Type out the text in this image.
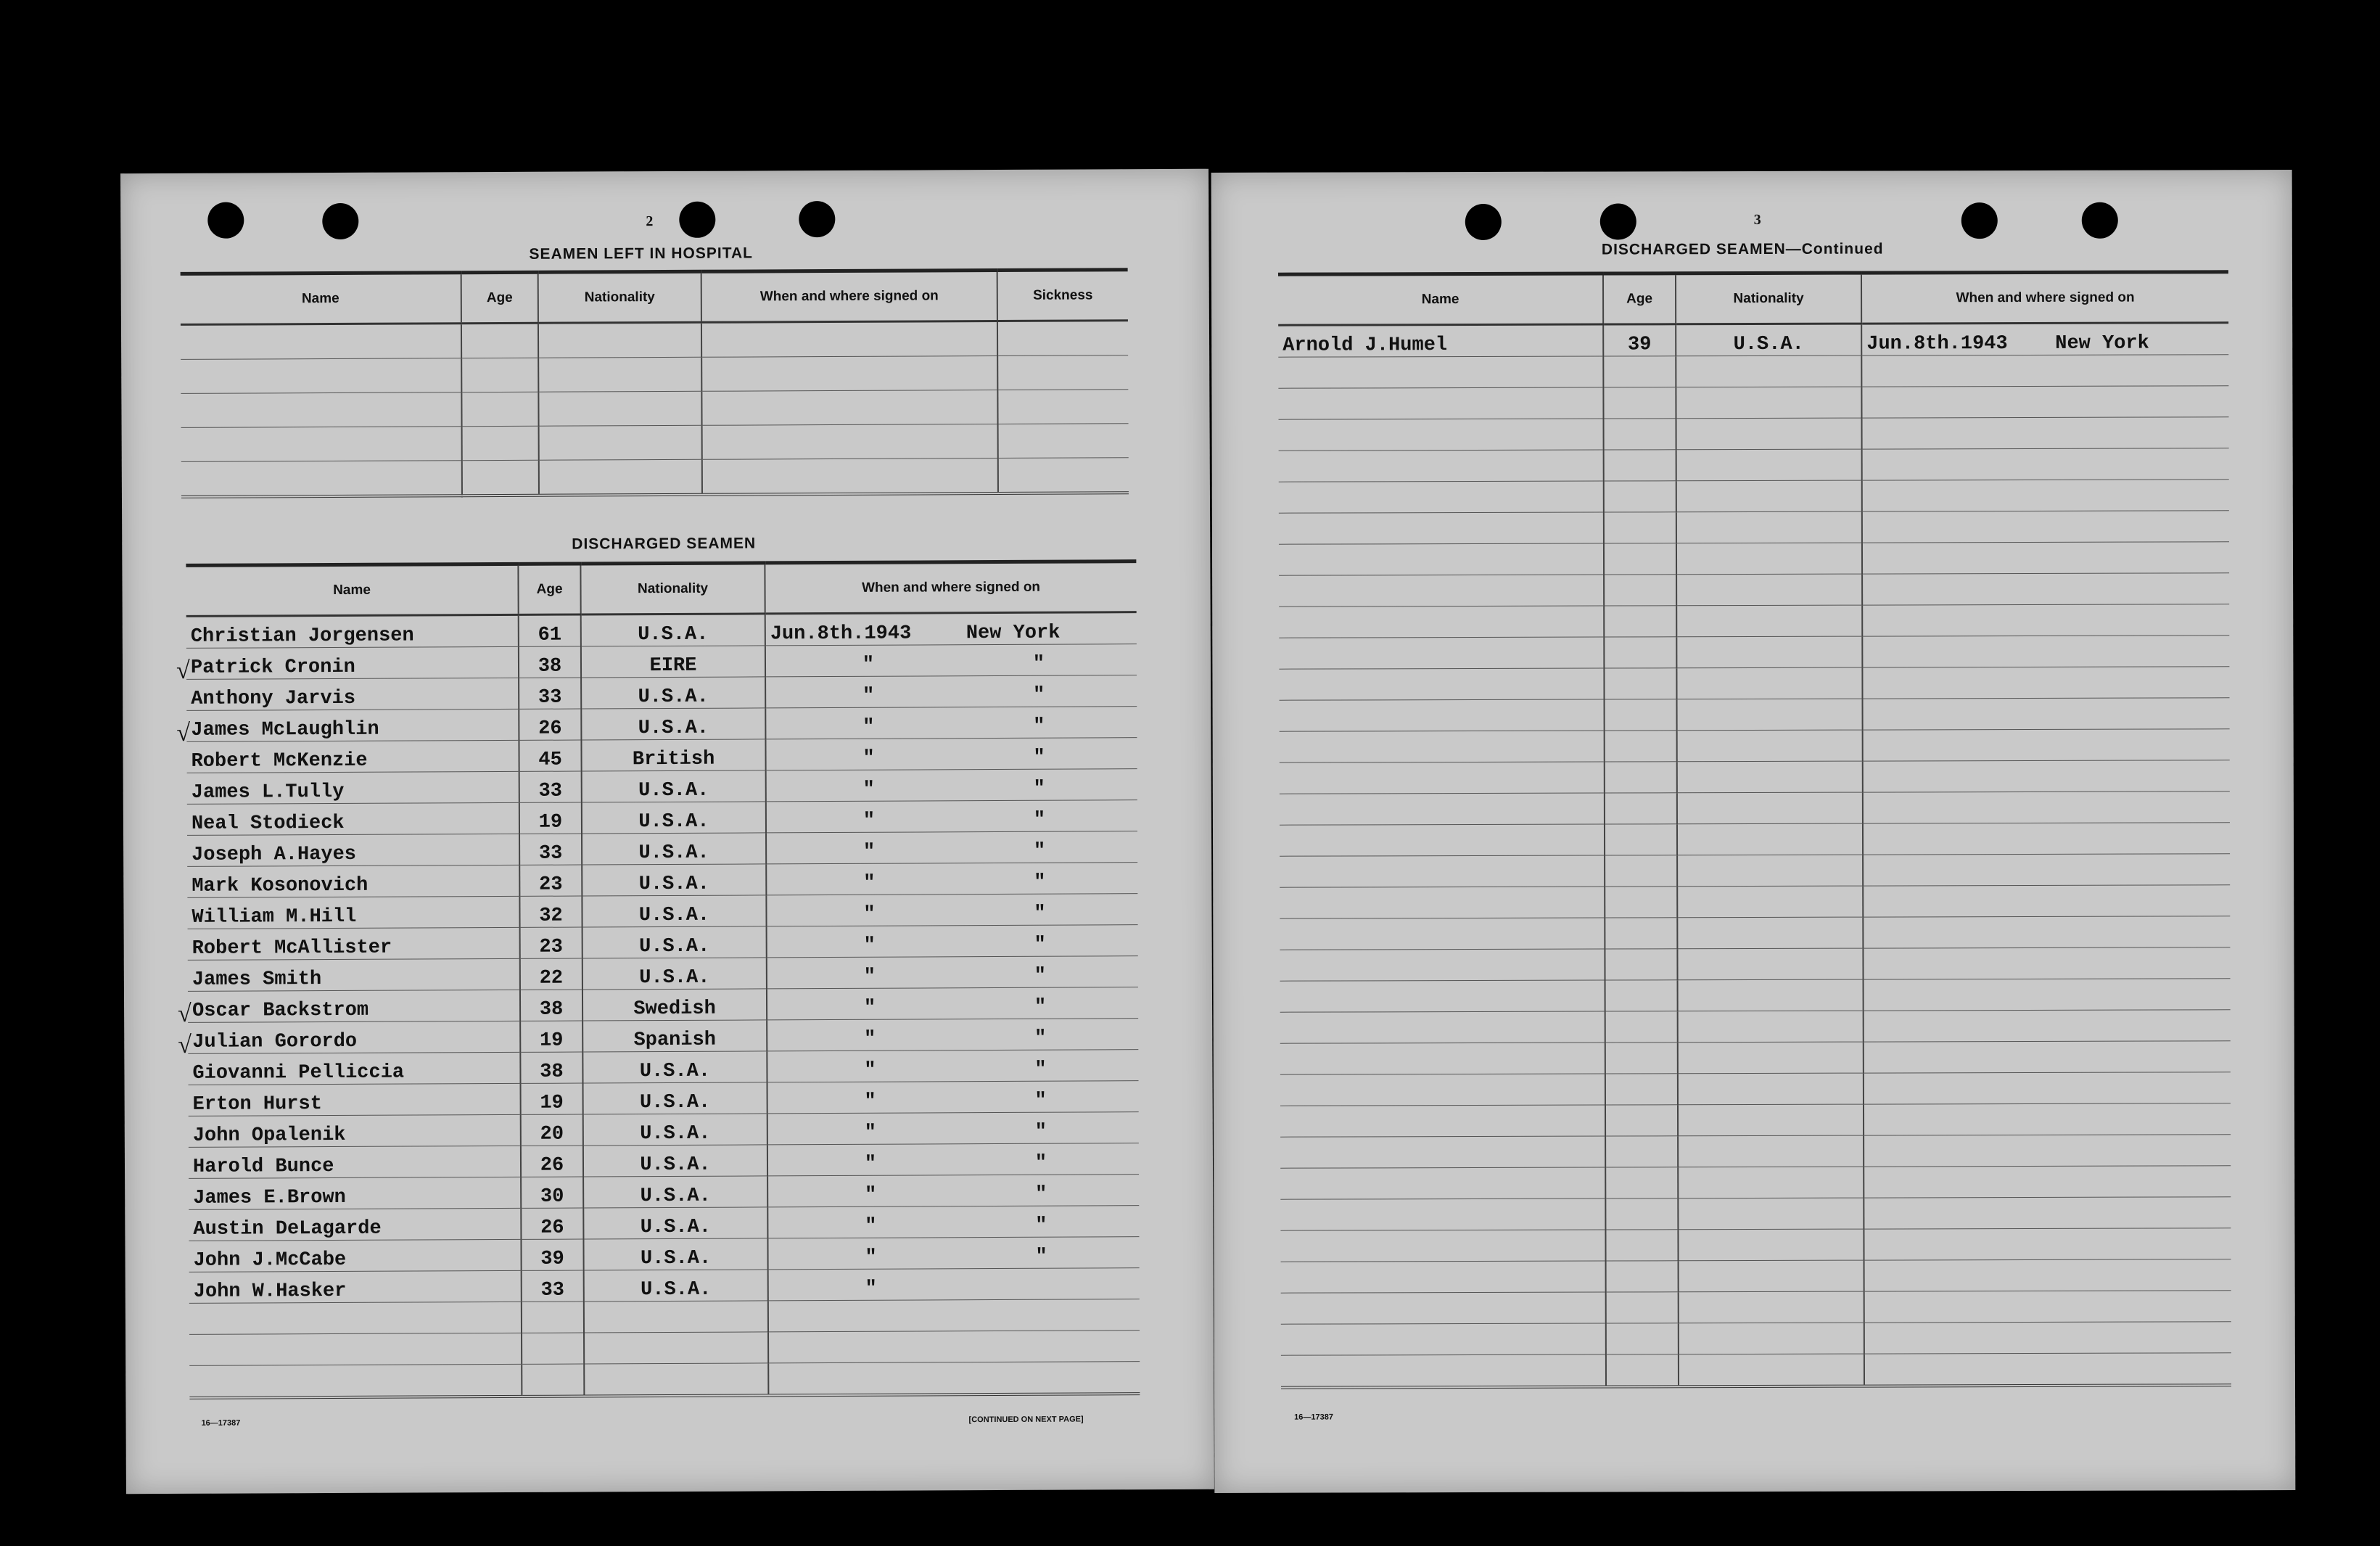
2
SEAMEN LEFT IN HOSPITAL
Name	Age	Nationality	When and where signed on	Sickness

DISCHARGED SEAMEN
Name	Age	Nationality	When and where signed on

Christian Jorgensen	61	U.S.A.	Jun.8th.1943 New York

√ Patrick Cronin	38	EIRE	" "

Anthony Jarvis	33	U.S.A.	" "

√ James McLaughlin	26	U.S.A.	" "

Robert McKenzie	45	British	" "

James L.Tully	33	U.S.A.	" "

Neal Stodieck	19	U.S.A.	" "

Joseph A.Hayes	33	U.S.A.	" "

Mark Kosonovich	23	U.S.A.	" "

William M.Hill	32	U.S.A.	" "

Robert McAllister	23	U.S.A.	" "

James Smith	22	U.S.A.	" "

√ Oscar Backstrom	38	Swedish	" "

√ Julian Gorordo	19	Spanish	" "

Giovanni Pelliccia	38	U.S.A.	" "

Erton Hurst	19	U.S.A.	" "

John Opalenik	20	U.S.A.	" "

Harold Bunce	26	U.S.A.	" "

James E.Brown	30	U.S.A.	" "

Austin DeLagarde	26	U.S.A.	" "

John J.McCabe	39	U.S.A.	" "

John W.Hasker	33	U.S.A.	"

16—17387	[CONTINUED ON NEXT PAGE]
3
DISCHARGED SEAMEN—Continued
Name	Age	Nationality	When and where signed on
Arnold J.Humel	39	U.S.A.	Jun.8th.1943 New York

16—17387
